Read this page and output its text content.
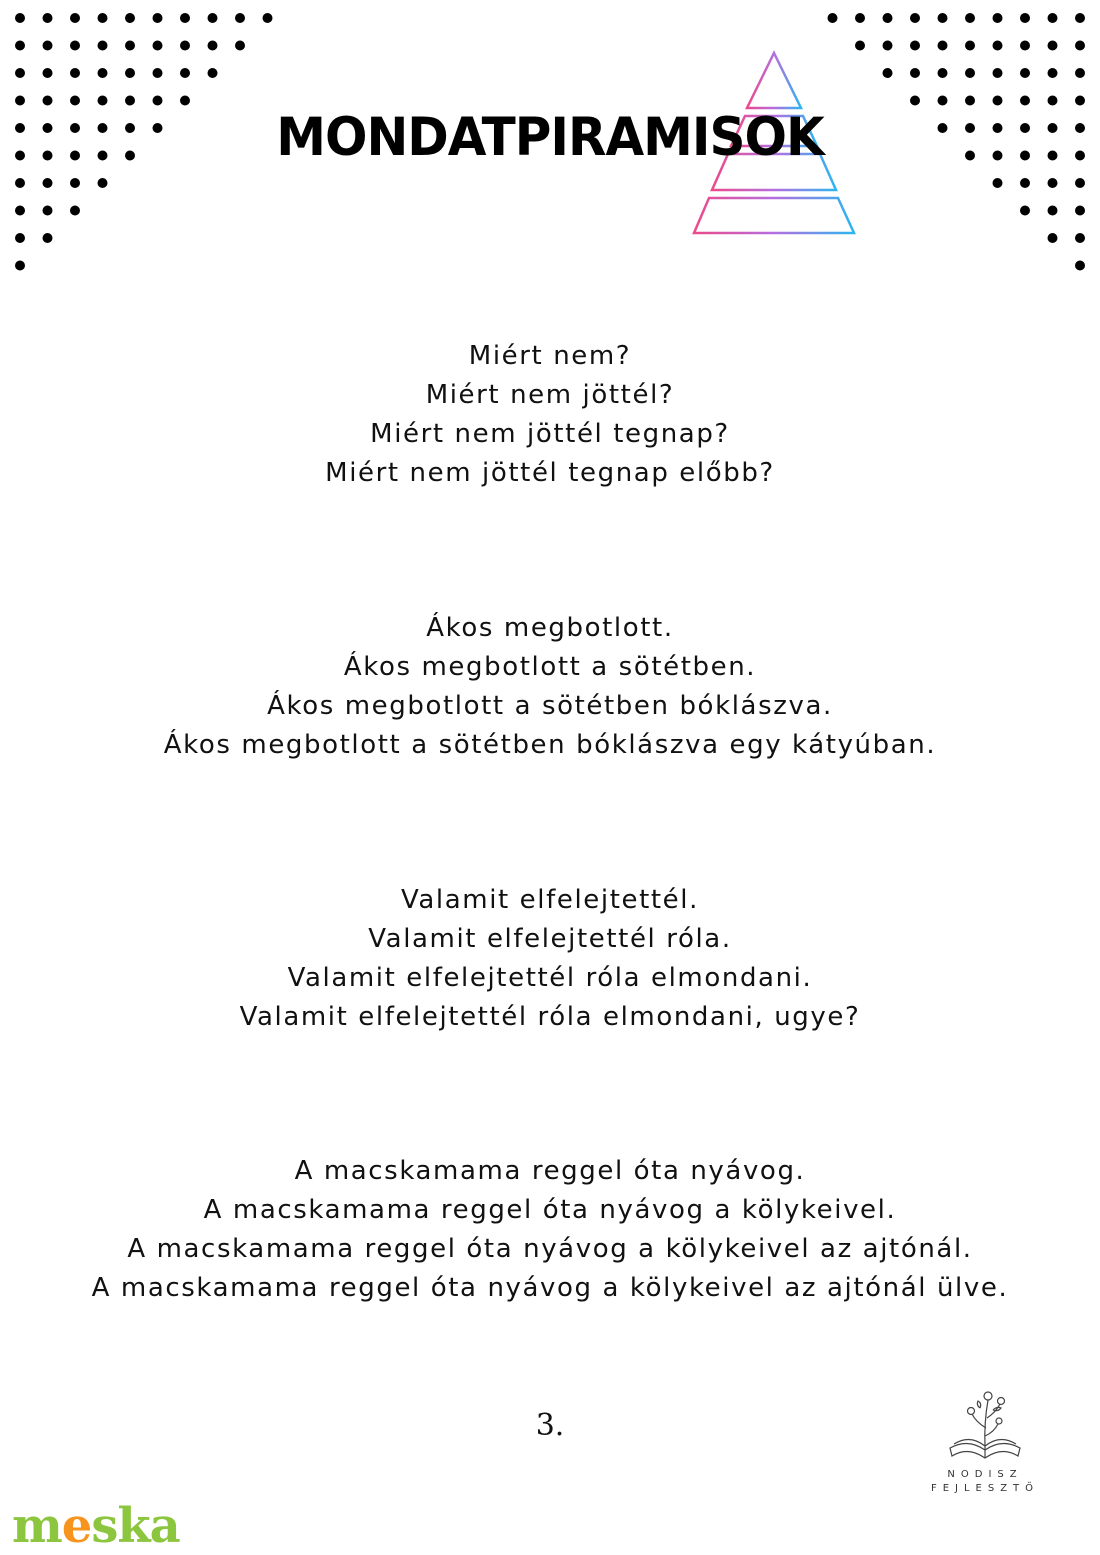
MONDATPIRAMISOK
Miért nem?
Miért nem jöttél?
Miért nem jöttél tegnap?
Miért nem jöttél tegnap előbb?
Ákos megbotlott.
Ákos megbotlott a sötétben.
Ákos megbotlott a sötétben bóklászva.
Ákos megbotlott a sötétben bóklászva egy kátyúban.
Valamit elfelejtettél.
Valamit elfelejtettél róla.
Valamit elfelejtettél róla elmondani.
Valamit elfelejtettél róla elmondani, ugye?
A macskamama reggel óta nyávog.
A macskamama reggel óta nyávog a kölykeivel.
A macskamama reggel óta nyávog a kölykeivel az ajtónál.
A macskamama reggel óta nyávog a kölykeivel az ajtónál ülve.
3.
NODISZ
FEJLESZTŐ
meska
